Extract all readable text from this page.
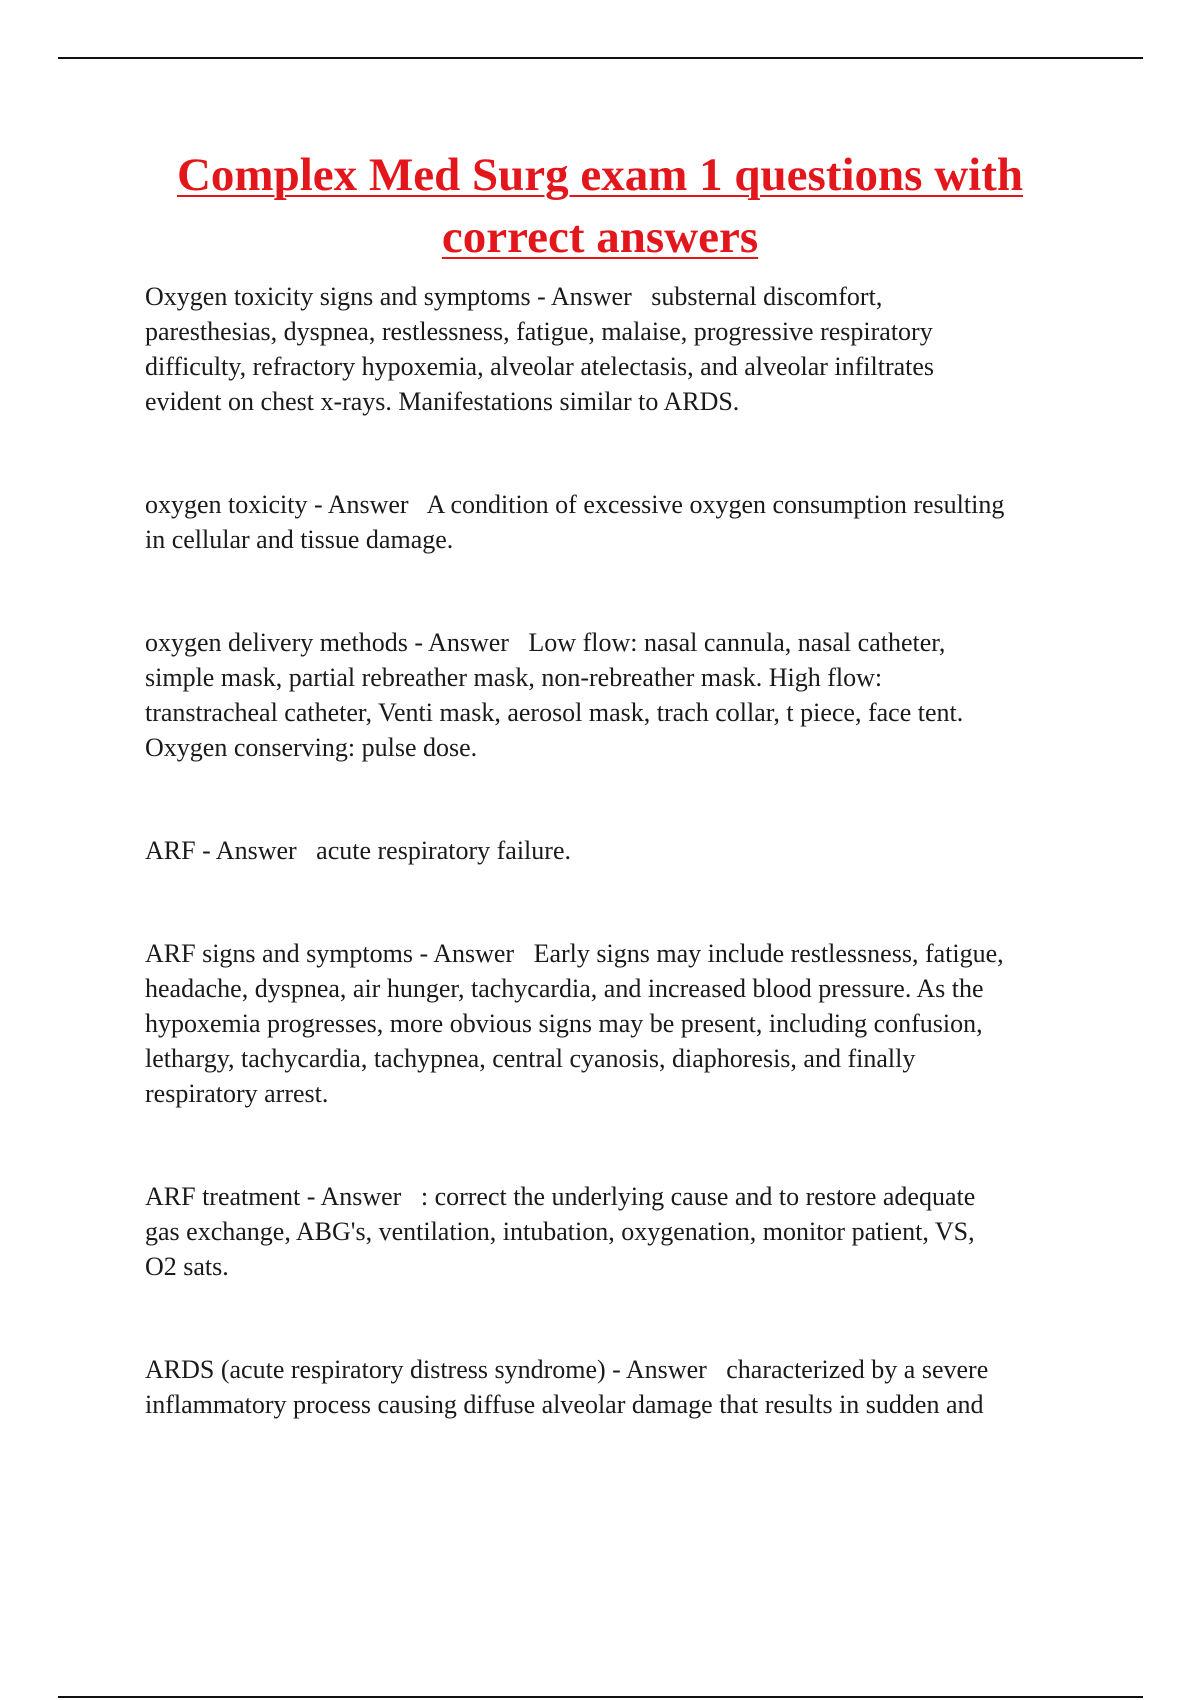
Complex Med Surg exam 1 questions with correct answers

Oxygen toxicity signs and symptoms - Answer   substernal discomfort,
paresthesias, dyspnea, restlessness, fatigue, malaise, progressive respiratory
difficulty, refractory hypoxemia, alveolar atelectasis, and alveolar infiltrates
evident on chest x-rays. Manifestations similar to ARDS.

oxygen toxicity - Answer   A condition of excessive oxygen consumption resulting
in cellular and tissue damage.

oxygen delivery methods - Answer   Low flow: nasal cannula, nasal catheter,
simple mask, partial rebreather mask, non-rebreather mask. High flow:
transtracheal catheter, Venti mask, aerosol mask, trach collar, t piece, face tent.
Oxygen conserving: pulse dose.

ARF - Answer   acute respiratory failure.

ARF signs and symptoms - Answer   Early signs may include restlessness, fatigue,
headache, dyspnea, air hunger, tachycardia, and increased blood pressure. As the
hypoxemia progresses, more obvious signs may be present, including confusion,
lethargy, tachycardia, tachypnea, central cyanosis, diaphoresis, and finally
respiratory arrest.

ARF treatment - Answer   : correct the underlying cause and to restore adequate
gas exchange, ABG's, ventilation, intubation, oxygenation, monitor patient, VS,
O2 sats.

ARDS (acute respiratory distress syndrome) - Answer   characterized by a severe
inflammatory process causing diffuse alveolar damage that results in sudden and
